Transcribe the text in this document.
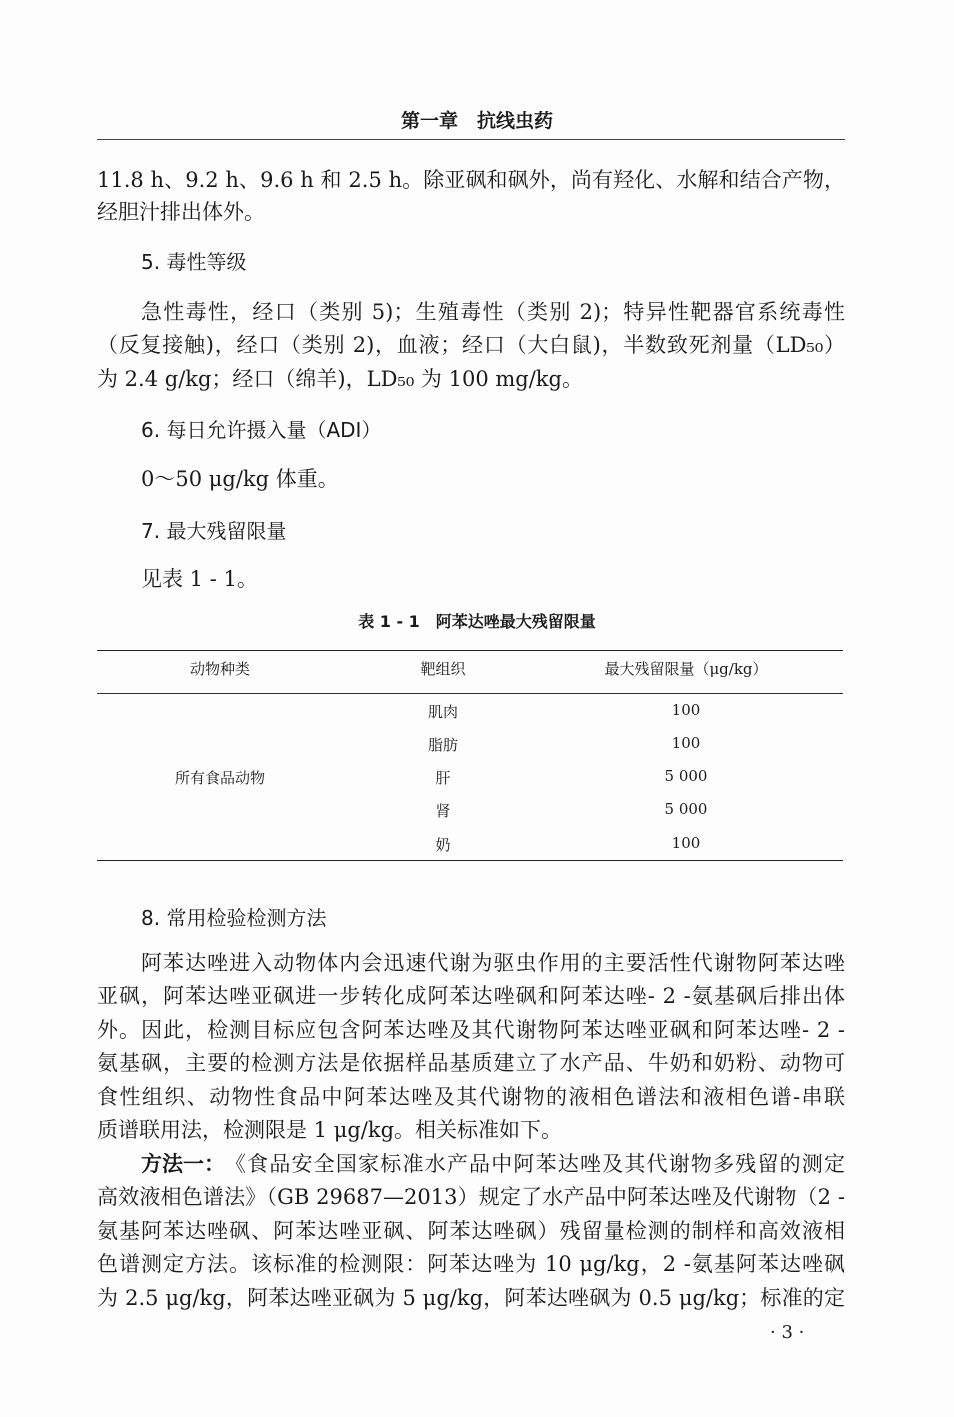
第一章　抗线虫药
11.8 h、9.2 h、9.6 h 和 2.5 h。除亚砜和砜外，尚有羟化、水解和结合产物，
经胆汁排出体外。
5. 毒性等级
急性毒性，经口（类别 5)；生殖毒性（类别 2)；特异性靶器官系统毒性
（反复接触)，经口（类别 2)，血液；经口（大白鼠)，半数致死剂量（LD₅₀）
为 2.4 g/kg；经口（绵羊)，LD₅₀ 为 100 mg/kg。
6. 每日允许摄入量（ADI）
0～50 μg/kg 体重。
7. 最大残留限量
见表 1 - 1。
表 1 - 1　阿苯达唑最大残留限量
动物种类	靶组织	最大残留限量（μg/kg）
所有食品动物
肌肉	100
脂肪	100
肝	5 000
肾	5 000
奶	100
8. 常用检验检测方法
阿苯达唑进入动物体内会迅速代谢为驱虫作用的主要活性代谢物阿苯达唑
亚砜，阿苯达唑亚砜进一步转化成阿苯达唑砜和阿苯达唑- 2 -氨基砜后排出体
外。因此，检测目标应包含阿苯达唑及其代谢物阿苯达唑亚砜和阿苯达唑- 2 -
氨基砜，主要的检测方法是依据样品基质建立了水产品、牛奶和奶粉、动物可
食性组织、动物性食品中阿苯达唑及其代谢物的液相色谱法和液相色谱-串联
质谱联用法，检测限是 1 μg/kg。相关标准如下。
方法一： 《食品安全国家标准水产品中阿苯达唑及其代谢物多残留的测定
高效液相色谱法》（GB 29687—2013）规定了水产品中阿苯达唑及代谢物（2 -
氨基阿苯达唑砜、阿苯达唑亚砜、阿苯达唑砜）残留量检测的制样和高效液相
色谱测定方法。该标准的检测限：阿苯达唑为 10 μg/kg，2 -氨基阿苯达唑砜
为 2.5 μg/kg，阿苯达唑亚砜为 5 μg/kg，阿苯达唑砜为 0.5 μg/kg；标准的定
· 3 ·
